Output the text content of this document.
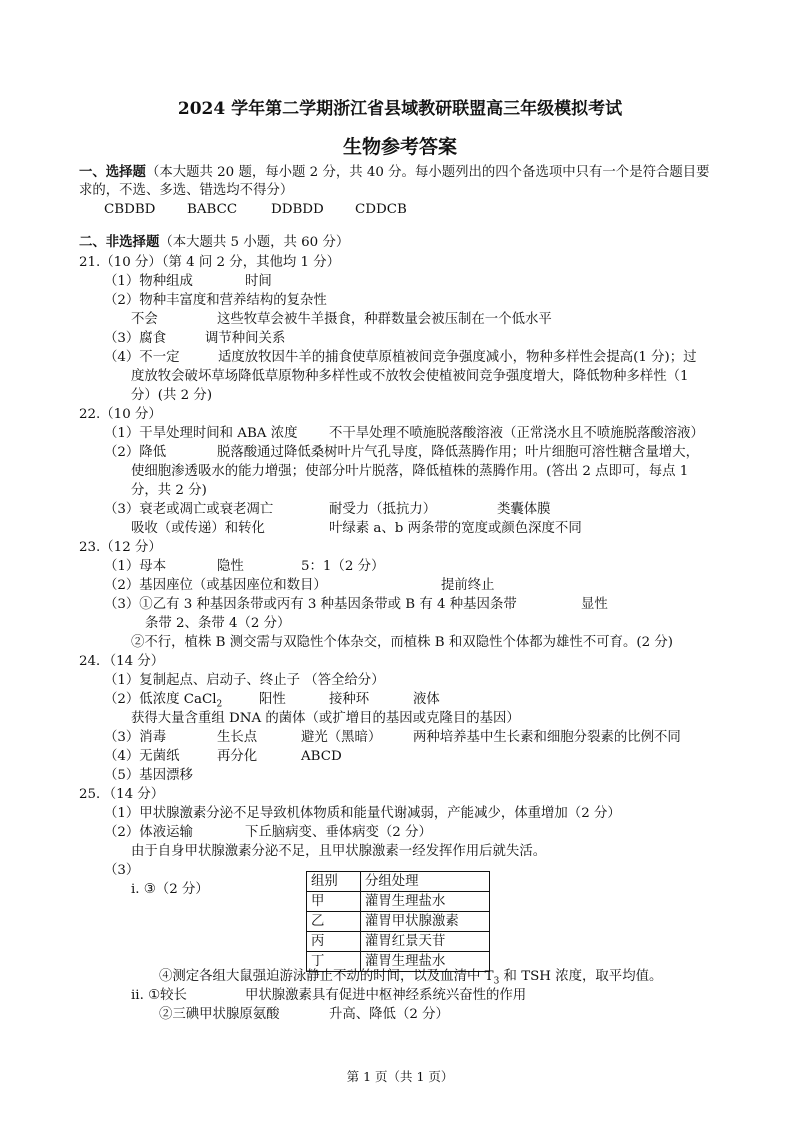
2024 学年第二学期浙江省县域教研联盟高三年级模拟考试
生物参考答案
一、选择题（本大题共 20 题，每小题 2 分，共 40 分。每小题列出的四个备选项中只有一个是符合题目要
求的，不选、多选、错选均不得分）
CBDBD BABCC	DDBDD CDDCB
二、非选择题（本大题共 5 小题，共 60 分）
21.（10 分）（第 4 问 2 分，其他均 1 分）
（1）物种组成	时间
（2）物种丰富度和营养结构的复杂性
不会	这些牧草会被牛羊摄食，种群数量会被压制在一个低水平
（3）腐食	调节种间关系
（4）不一定	适度放牧因牛羊的捕食使草原植被间竞争强度减小，物种多样性会提高(1 分)；过
度放牧会破坏草场降低草原物种多样性或不放牧会使植被间竞争强度增大，降低物种多样性（1
分）(共 2 分)
22.（10 分）
（1）干旱处理时间和 ABA 浓度 不干旱处理不喷施脱落酸溶液（正常浇水且不喷施脱落酸溶液）
（2）降低	脱落酸通过降低桑树叶片气孔导度，降低蒸腾作用；叶片细胞可溶性糖含量增大，
使细胞渗透吸水的能力增强；使部分叶片脱落，降低植株的蒸腾作用。(答出 2 点即可，每点 1
分，共 2 分)
（3）衰老或凋亡或衰老凋亡	耐受力（抵抗力）	类囊体膜
吸收（或传递）和转化	叶绿素 a、b 两条带的宽度或颜色深度不同
23.（12 分）
（1）母本	隐性	5：1（2 分）
（2）基因座位（或基因座位和数目）	提前终止
（3）①乙有 3 种基因条带或丙有 3 种基因条带或 B 有 4 种基因条带	显性
条带 2、条带 4（2 分）
②不行，植株 B 测交需与双隐性个体杂交，而植株 B 和双隐性个体都为雄性不可育。(2 分)
24．（14 分）
（1）复制起点、启动子、终止子 （答全给分）
（2）低浓度 CaCl$_2$	阳性	接种环	液体
获得大量含重组 DNA 的菌体（或扩增目的基因或克隆目的基因）
（3）消毒	生长点	避光（黑暗） 两种培养基中生长素和细胞分裂素的比例不同
（4）无菌纸	再分化	ABCD
（5）基因漂移
25．（14 分）
（1）甲状腺激素分泌不足导致机体物质和能量代谢减弱，产能减少，体重增加（2 分）
（2）体液运输	下丘脑病变、垂体病变（2 分）
由于自身甲状腺激素分泌不足，且甲状腺激素一经发挥作用后就失活。
（3）
i. ③（2 分）
组别	分组处理
甲	灌胃生理盐水
乙	灌胃甲状腺激素
丙	灌胃红景天苷
丁	灌胃生理盐水
④测定各组大鼠强迫游泳静止不动的时间，以及血清中 $T_3$ 和 TSH 浓度，取平均值。
ii. ①较长	甲状腺激素具有促进中枢神经系统兴奋性的作用
②三碘甲状腺原氨酸	升高、降低（2 分）
第 1 页（共 1 页）
